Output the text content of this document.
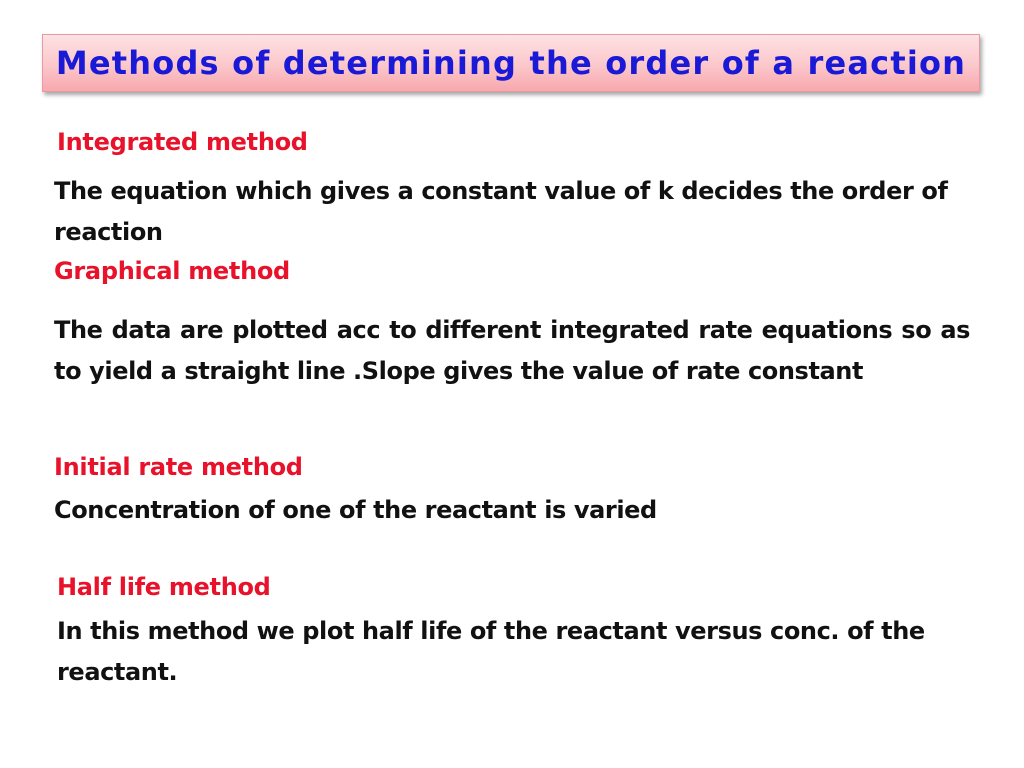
Methods of determining the order of a reaction
Integrated method
The equation which gives a constant value of k decides the order of reaction
Graphical method
The data are plotted acc to different integrated rate equations so as to yield a straight line .Slope gives the value of rate constant
Initial rate method
Concentration of one of the reactant is varied
Half life method
In this method we plot half life of the reactant versus conc. of the reactant.
